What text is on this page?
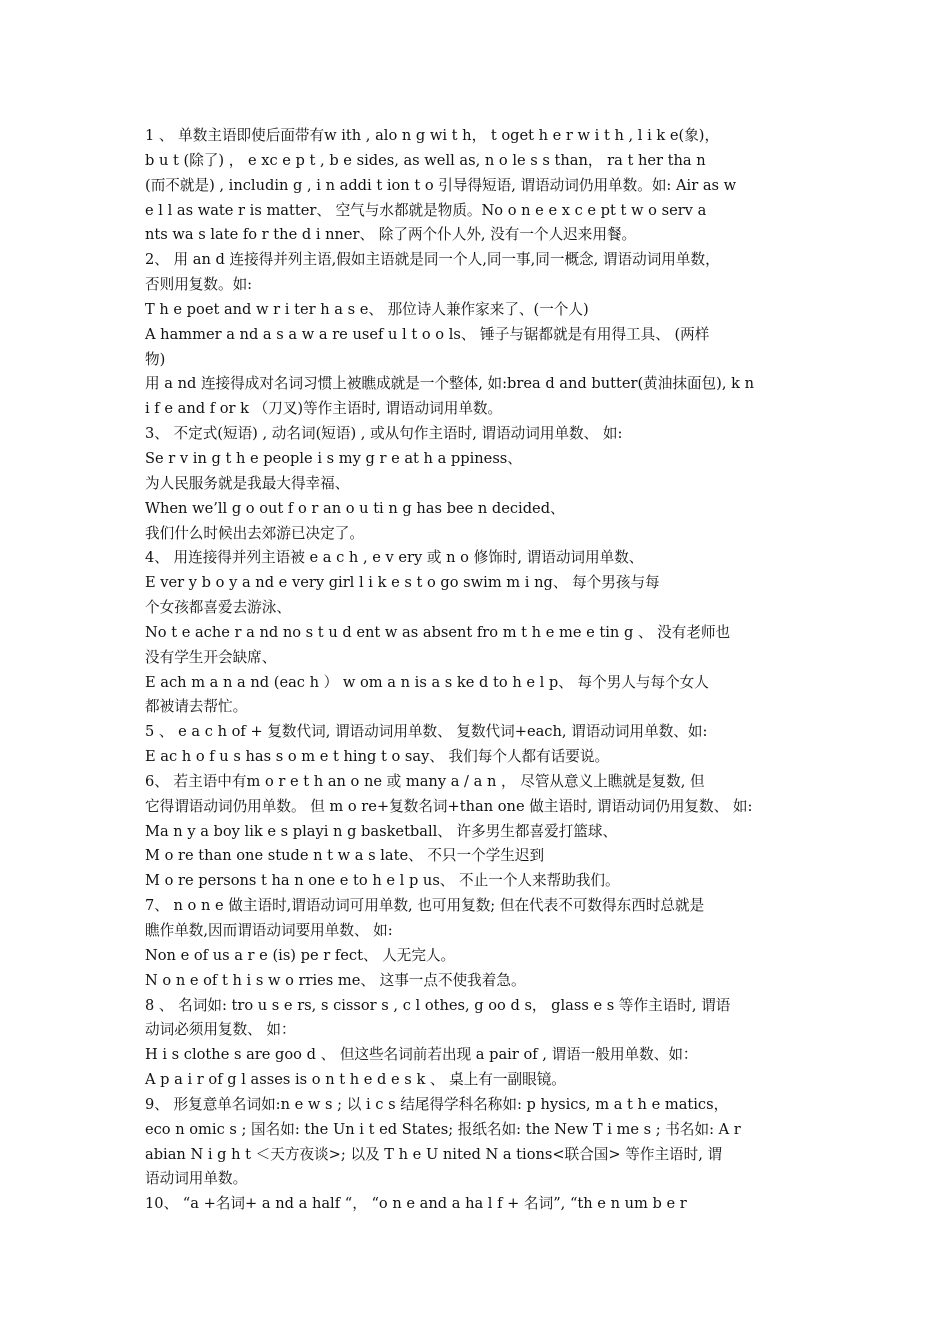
1 、 单数主语即使后面带有w ith , alo n g wi t h， t oget h e r w i t h , l i k e(象)，
b u t (除了) ， e xc e p t , b e sides, as well as, n o le s s than， ra t her tha n
(而不就是) , includin g , i n addi t ion t o 引导得短语, 谓语动词仍用单数。如: Air as w
e l l as wate r is matter、 空气与水都就是物质。No o n e e x c e pt t w o serv a
nts wa s late fo r the d i nner、 除了两个仆人外, 没有一个人迟来用餐。
2、 用 an d 连接得并列主语,假如主语就是同一个人,同一事,同一概念, 谓语动词用单数，
否则用复数。如:
T h e poet and w r i ter h a s e、 那位诗人兼作家来了、(一个人)
A hammer a nd a s a w a re usef u l t o o ls、 锤子与锯都就是有用得工具、 (两样
物)
用 a nd 连接得成对名词习惯上被瞧成就是一个整体, 如:brea d and butter(黄油抹面包), k n
i f e and f or k （刀叉)等作主语时, 谓语动词用单数。
3、 不定式(短语) , 动名词(短语) , 或从句作主语时, 谓语动词用单数、 如:
Se r v in g t h e people i s my g r e at h a ppiness、
为人民服务就是我最大得幸福、
When we’ll g o out f o r an o u ti n g has bee n decided、
我们什么时候出去郊游已决定了。
4、 用连接得并列主语被 e a c h , e v ery 或 n o 修饰时, 谓语动词用单数、
E ver y b o y a nd e very girl l i k e s t o go swim m i ng、 每个男孩与每
个女孩都喜爱去游泳、
No t e ache r a nd no s t u d ent w as absent fro m t h e me e tin g 、 没有老师也
没有学生开会缺席、
E ach m a n a nd (eac h ） w om a n is a s ke d to h e l p、 每个男人与每个女人
都被请去帮忙。
5 、 e a c h of + 复数代词, 谓语动词用单数、 复数代词+each, 谓语动词用单数、如:
E ac h o f u s has s o m e t hing t o say、 我们每个人都有话要说。
6、 若主语中有m o r e t h an o ne 或 many a / a n ， 尽管从意义上瞧就是复数, 但
它得谓语动词仍用单数。 但 m o re+复数名词+than one 做主语时, 谓语动词仍用复数、 如:
Ma n y a boy lik e s playi n g basketball、 许多男生都喜爱打篮球、
M o re than one stude n t w a s late、 不只一个学生迟到
M o re persons t ha n one e to h e l p us、 不止一个人来帮助我们。
7、 n o n e 做主语时,谓语动词可用单数, 也可用复数; 但在代表不可数得东西时总就是
瞧作单数,因而谓语动词要用单数、 如:
Non e of us a r e (is) pe r fect、 人无完人。
N o n e of t h i s w o rries me、 这事一点不使我着急。
8 、 名词如: tro u s e rs, s cissor s , c l othes, g oo d s， glass e s 等作主语时, 谓语
动词必须用复数、 如：
H i s clothe s are goo d 、 但这些名词前若出现 a pair of , 谓语一般用单数、如：
A p a i r of g l asses is o n t h e d e s k 、 桌上有一副眼镜。
9、 形复意单名词如:n e w s ; 以 i c s 结尾得学科名称如: p hysics, m a t h e matics，
eco n omic s ; 国名如: the Un i t ed States; 报纸名如: the New T i me s ; 书名如: A r
abian N i g h t ＜天方夜谈>; 以及 T h e U nited N a tions<联合国> 等作主语时, 谓
语动词用单数。
10、 “a +名词+ a nd a half “， “o n e and a ha l f + 名词”, “th e n um b e r
